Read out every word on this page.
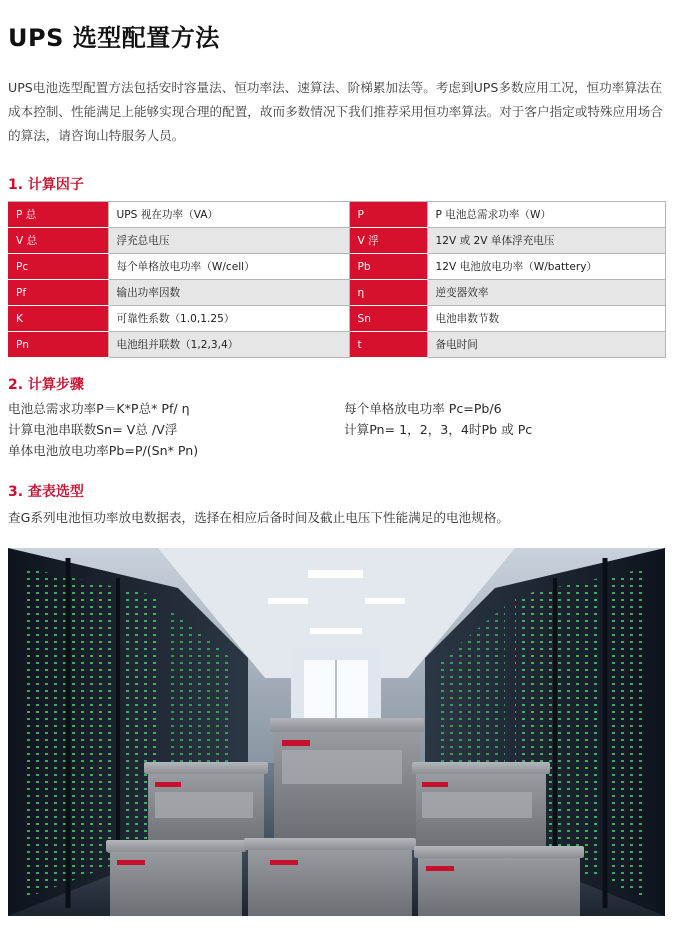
UPS 选型配置方法
UPS电池选型配置方法包括安时容量法、恒功率法、速算法、阶梯累加法等。考虑到UPS多数应用工况，恒功率算法在成本控制、性能满足上能够实现合理的配置，故而多数情况下我们推荐采用恒功率算法。对于客户指定或特殊应用场合的算法，请咨询山特服务人员。
1. 计算因子
P 总	UPS 视在功率（VA）	P	P 电池总需求功率（W）
V 总	浮充总电压	V 浮	12V 或 2V 单体浮充电压
Pc	每个单格放电功率（W/cell）	Pb	12V 电池放电功率（W/battery）
Pf	输出功率因数	η	逆变器效率
K	可靠性系数（1.0,1.25）	Sn	电池串数节数
Pn	电池组并联数（1,2,3,4）	t	备电时间
2. 计算步骤
电池总需求功率P＝K*P总* Pf/ η
计算电池串联数Sn= V总 /V浮
单体电池放电功率Pb=P/(Sn* Pn)
每个单格放电功率 Pc=Pb/6
计算Pn= 1，2，3，4时Pb 或 Pc
3. 查表选型
查G系列电池恒功率放电数据表，选择在相应后备时间及截止电压下性能满足的电池规格。
